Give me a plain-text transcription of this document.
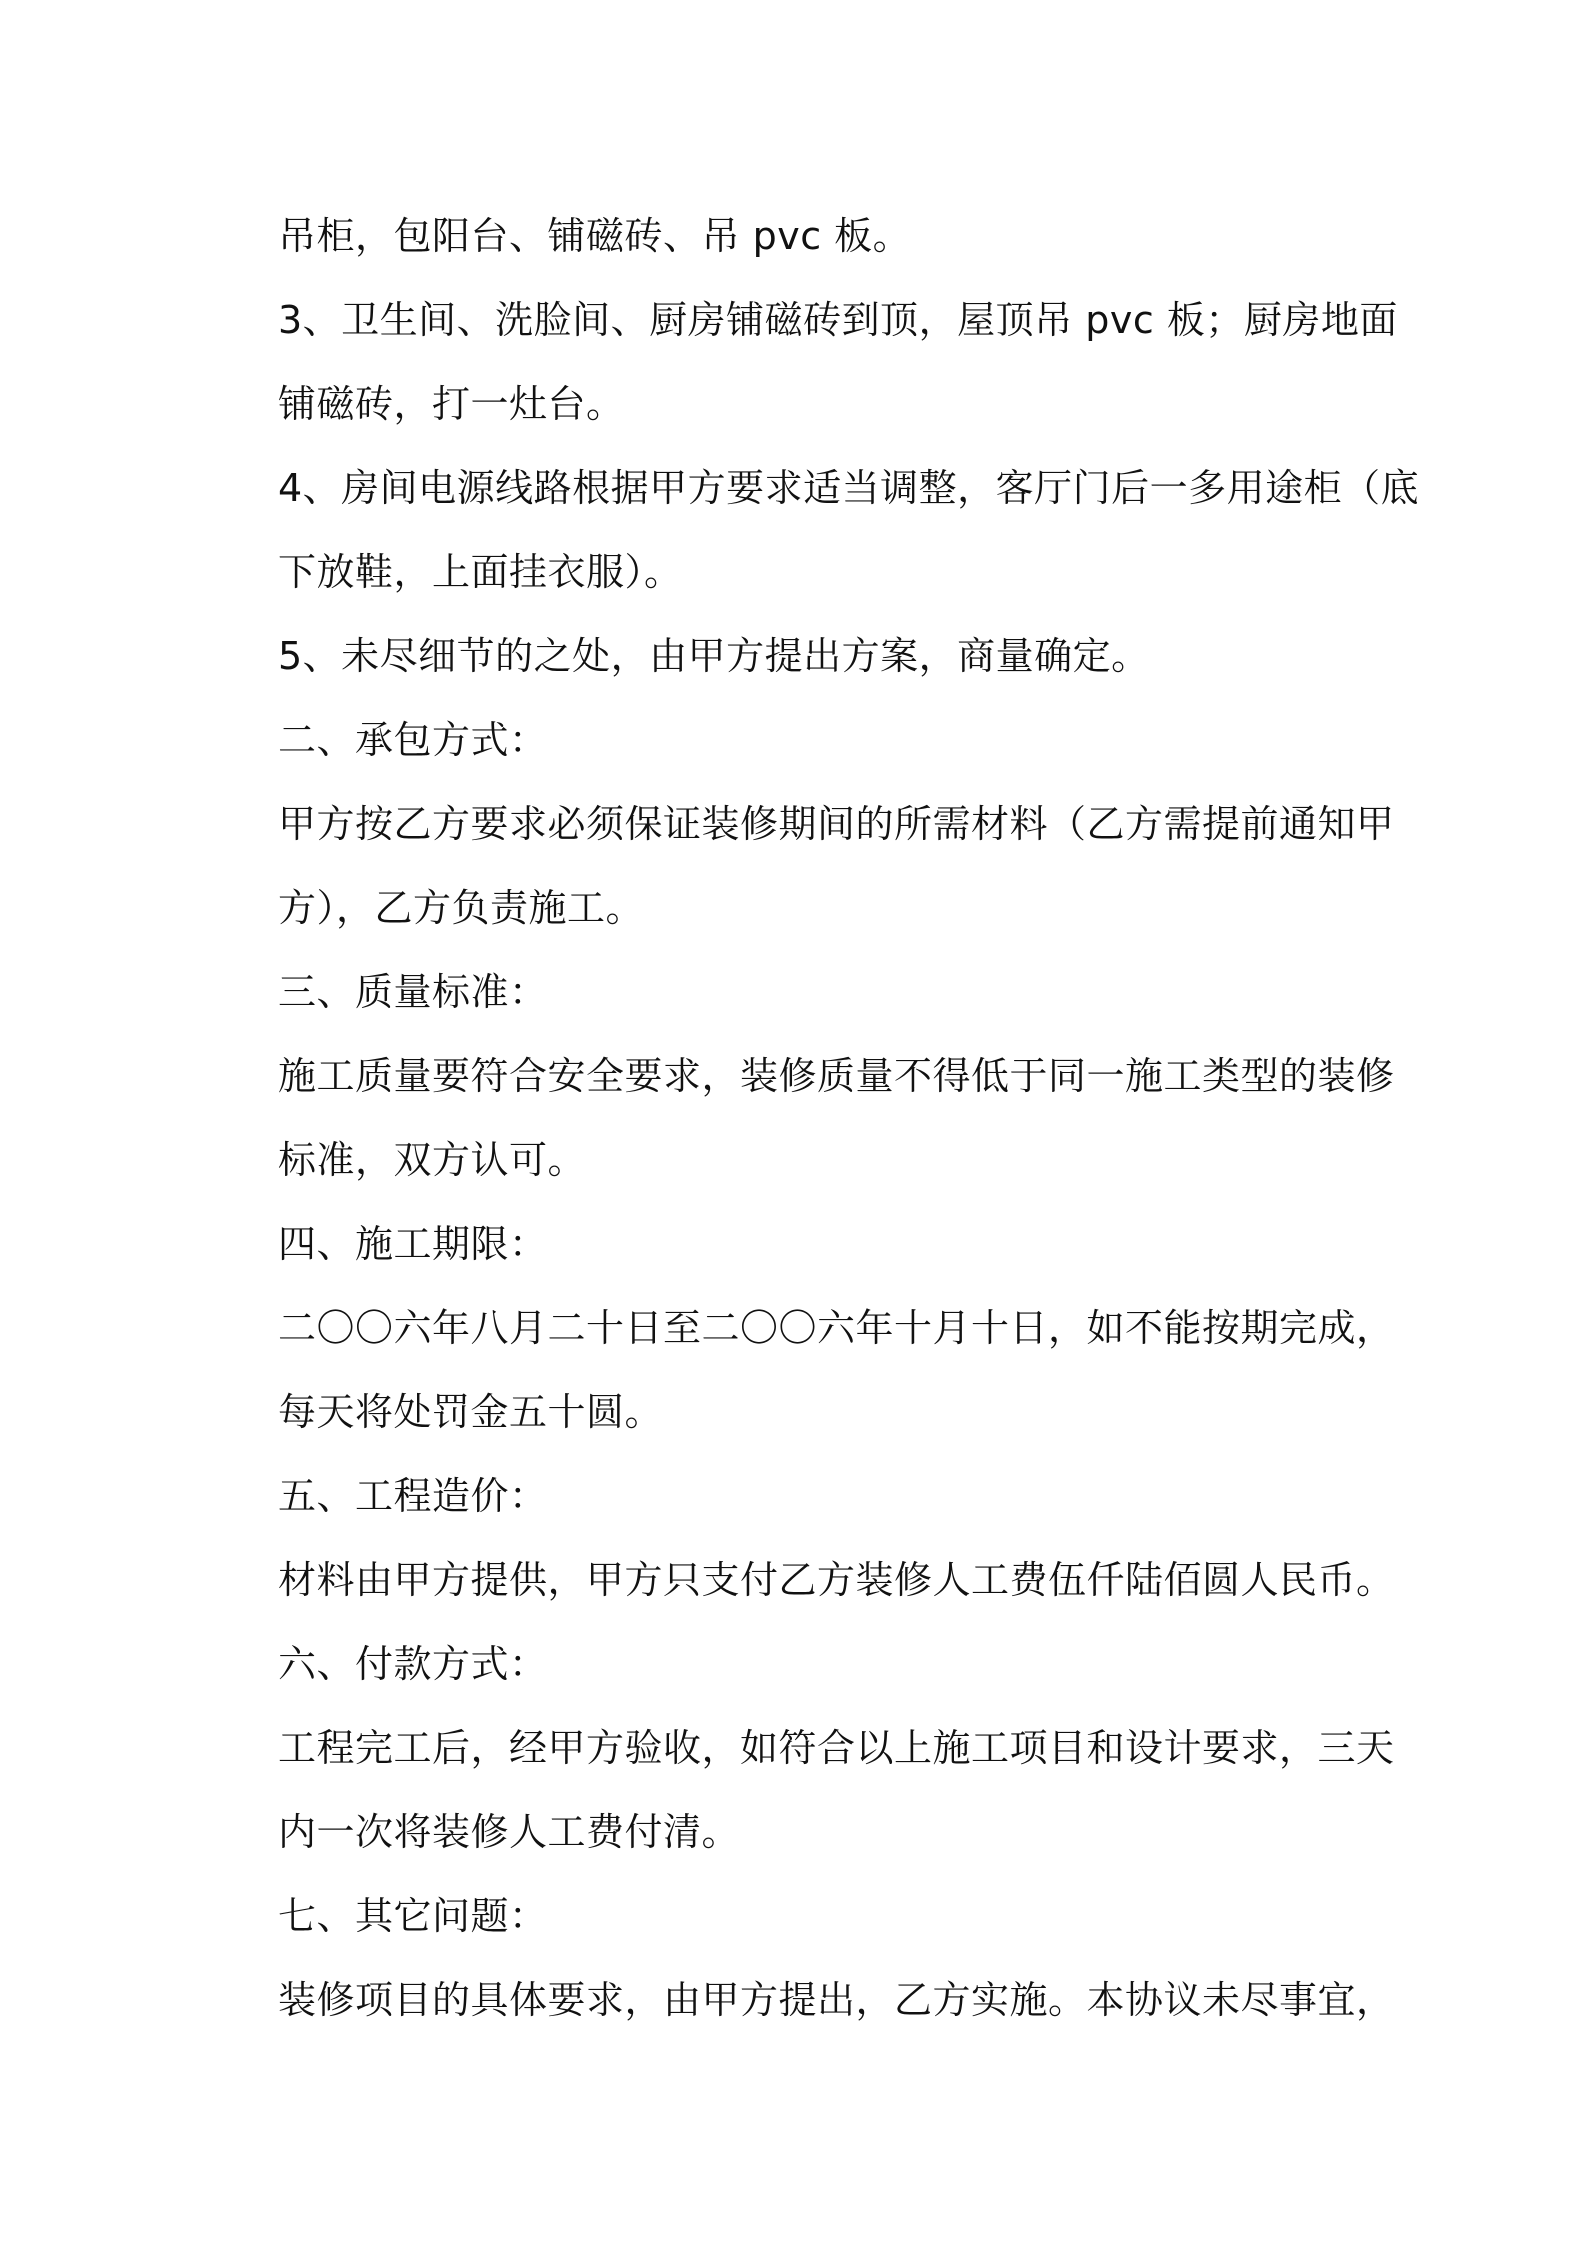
吊柜，包阳台、铺磁砖、吊 pvc 板。
3、卫生间、洗脸间、厨房铺磁砖到顶，屋顶吊 pvc 板；厨房地面
铺磁砖，打一灶台。
4、房间电源线路根据甲方要求适当调整，客厅门后一多用途柜（底
下放鞋，上面挂衣服）。
5、未尽细节的之处，由甲方提出方案，商量确定。
二、承包方式：
甲方按乙方要求必须保证装修期间的所需材料（乙方需提前通知甲
方），乙方负责施工。
三、质量标准：
施工质量要符合安全要求，装修质量不得低于同一施工类型的装修
标准，双方认可。
四、施工期限：
二〇〇六年八月二十日至二〇〇六年十月十日，如不能按期完成，
每天将处罚金五十圆。
五、工程造价：
材料由甲方提供，甲方只支付乙方装修人工费伍仟陆佰圆人民币。
六、付款方式：
工程完工后，经甲方验收，如符合以上施工项目和设计要求，三天
内一次将装修人工费付清。
七、其它问题：
装修项目的具体要求，由甲方提出，乙方实施。本协议未尽事宜，
